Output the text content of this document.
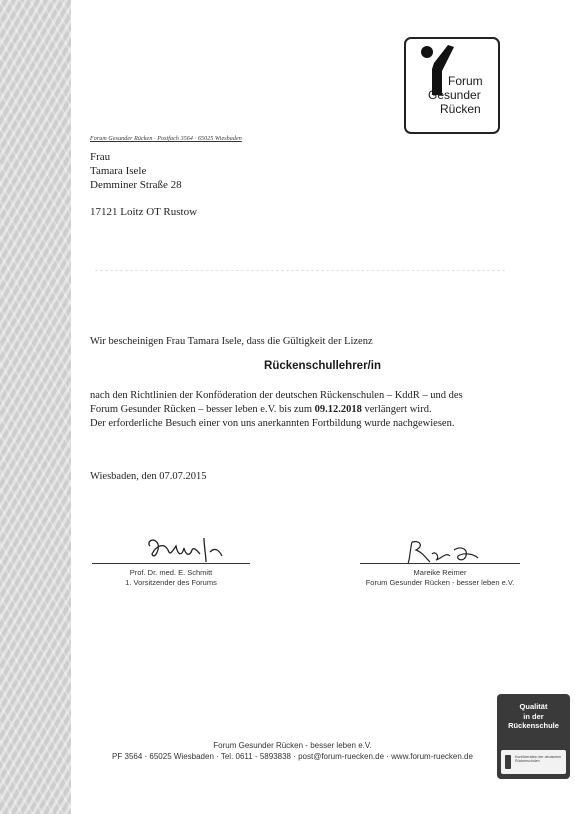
Forum
Gesunder
Rücken
Forum Gesunder Rücken · Postfach 3564 · 65025 Wiesbaden
Frau
Tamara Isele
Demminer Straße 28
17121 Loitz OT Rustow
Wir bescheinigen Frau Tamara Isele, dass die Gültigkeit der Lizenz
Rückenschullehrer/in
nach den Richtlinien der Konföderation der deutschen Rückenschulen – KddR – und des
Forum Gesunder Rücken – besser leben e.V. bis zum 09.12.2018 verlängert wird.
Der erforderliche Besuch einer von uns anerkannten Fortbildung wurde nachgewiesen.
Wiesbaden, den 07.07.2015
Prof. Dr. med. E. Schmitt
1. Vorsitzender des Forums
Mareike Reimer
Forum Gesunder Rücken - besser leben e.V.
Forum Gesunder Rücken - besser leben e.V.
PF 3564 · 65025 Wiesbaden · Tel. 0611 - 5893838 · post@forum-ruecken.de · www.forum-ruecken.de
Qualität
in der
Rückenschule
Konföderation der deutschen Rückenschulen
